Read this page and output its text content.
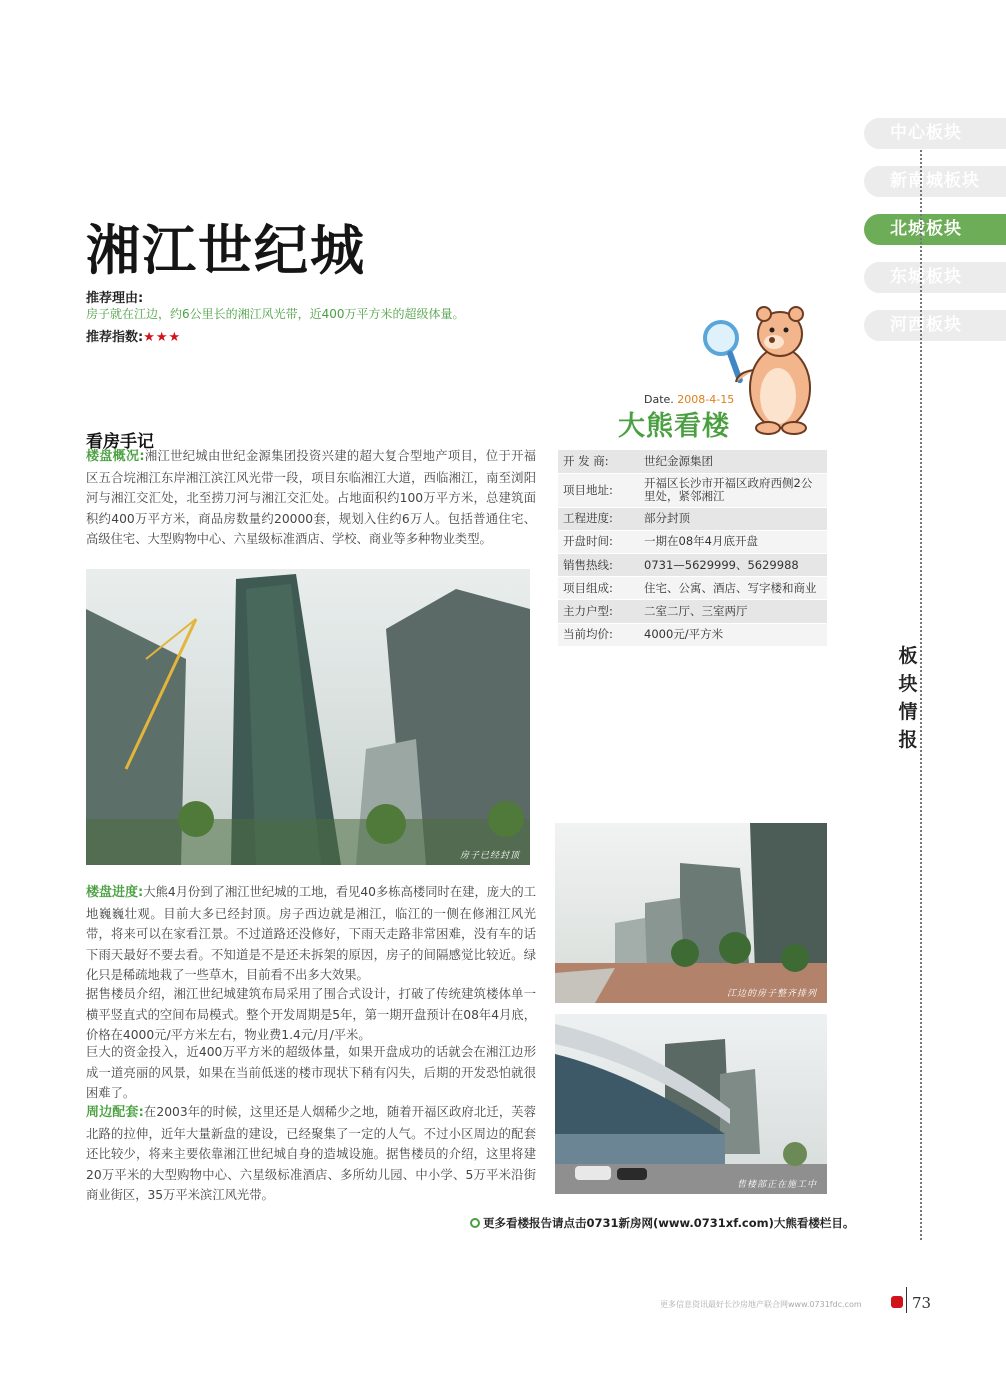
中心板块
新南城板块
北城板块
东城板块
河西板块
板
块
情
报
湘江世纪城
推荐理由:
房子就在江边，约6公里长的湘江风光带，近400万平方米的超级体量。
推荐指数:★★★
Date. 2008-4-15
大熊看楼
看房手记
楼盘概况:湘江世纪城由世纪金源集团投资兴建的超大复合型地产项目，位于开福区五合垸湘江东岸湘江滨江风光带一段，项目东临湘江大道，西临湘江，南至浏阳河与湘江交汇处，北至捞刀河与湘江交汇处。占地面积约100万平方米，总建筑面积约400万平方米，商品房数量约20000套，规划入住约6万人。包括普通住宅、高级住宅、大型购物中心、六星级标准酒店、学校、商业等多种物业类型。
开 发 商:	世纪金源集团
项目地址:	开福区长沙市开福区政府西侧2公里处，紧邻湘江
工程进度:	部分封顶
开盘时间:	一期在08年4月底开盘
销售热线:	0731—5629999、5629988
项目组成:	住宅、公寓、酒店、写字楼和商业
主力户型:	二室二厅、三室两厅
当前均价:	4000元/平方米
房子已经封顶
江边的房子整齐排列
售楼部正在施工中
楼盘进度:大熊4月份到了湘江世纪城的工地，看见40多栋高楼同时在建，庞大的工地巍巍壮观。目前大多已经封顶。房子西边就是湘江，临江的一侧在修湘江风光带，将来可以在家看江景。不过道路还没修好，下雨天走路非常困难，没有车的话下雨天最好不要去看。不知道是不是还未拆架的原因，房子的间隔感觉比较近。绿化只是稀疏地栽了一些草木，目前看不出多大效果。
据售楼员介绍，湘江世纪城建筑布局采用了围合式设计，打破了传统建筑楼体单一横平竖直式的空间布局模式。整个开发周期是5年，第一期开盘预计在08年4月底，价格在4000元/平方米左右，物业费1.4元/月/平米。
巨大的资金投入，近400万平方米的超级体量，如果开盘成功的话就会在湘江边形成一道亮丽的风景，如果在当前低迷的楼市现状下稍有闪失，后期的开发恐怕就很困难了。
周边配套:在2003年的时候，这里还是人烟稀少之地，随着开福区政府北迁，芙蓉北路的拉伸，近年大量新盘的建设，已经聚集了一定的人气。不过小区周边的配套还比较少，将来主要依靠湘江世纪城自身的造城设施。据售楼员的介绍，这里将建20万平米的大型购物中心、六星级标准酒店、多所幼儿园、中小学、5万平米沿街商业街区，35万平米滨江风光带。
更多看楼报告请点击0731新房网(www.0731xf.com)大熊看楼栏目。
更多信息资讯最好长沙房地产联合网www.0731fdc.com	73
